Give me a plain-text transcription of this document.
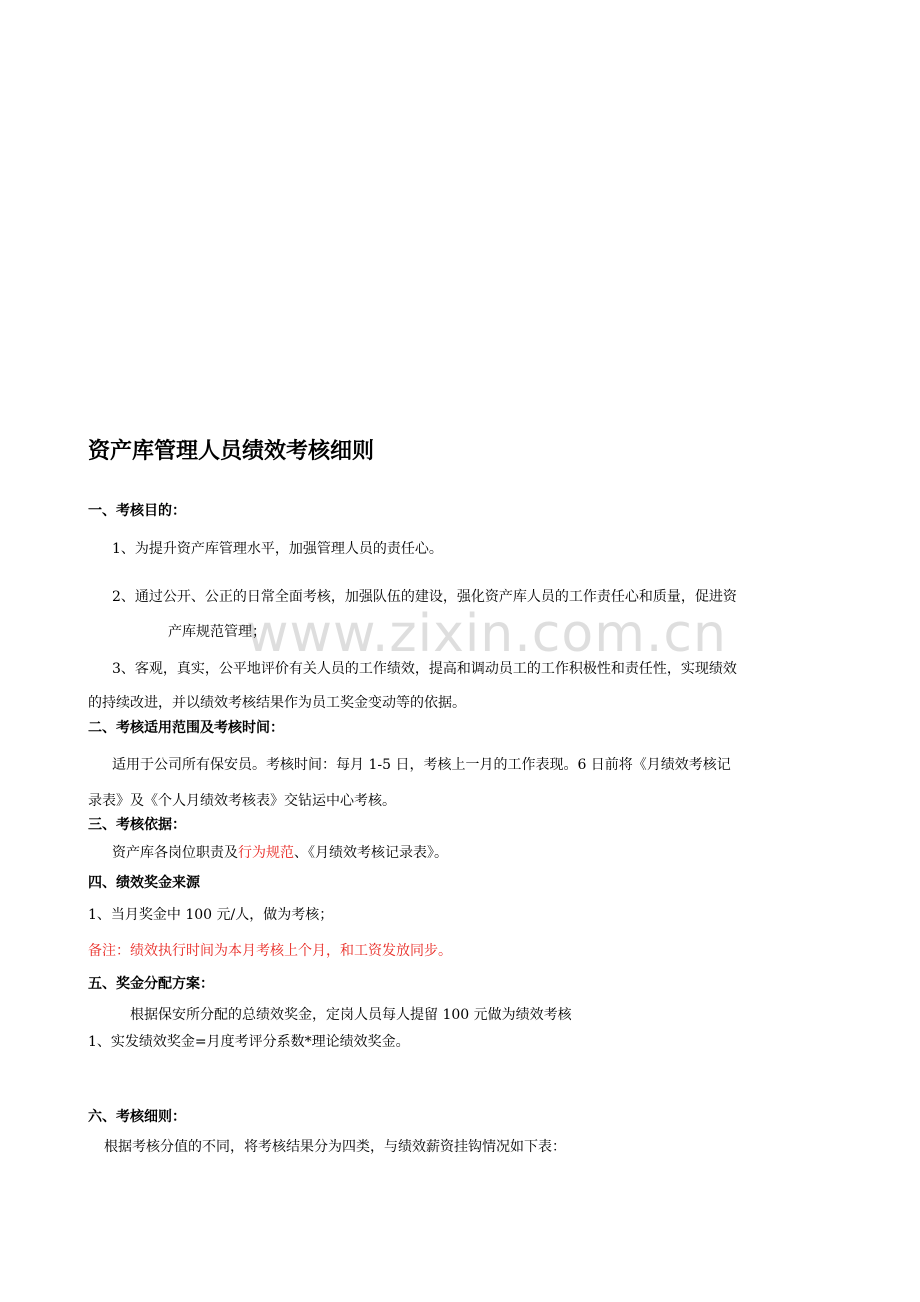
www.zixin.com.cn
资产库管理人员绩效考核细则
一、考核目的：
1、为提升资产库管理水平，加强管理人员的责任心。
2、通过公开、公正的日常全面考核，加强队伍的建设，强化资产库人员的工作责任心和质量，促进资
产库规范管理；
3、客观，真实，公平地评价有关人员的工作绩效，提高和调动员工的工作积极性和责任性，实现绩效
的持续改进，并以绩效考核结果作为员工奖金变动等的依据。
二、考核适用范围及考核时间：
适用于公司所有保安员。考核时间：每月 1-5 日，考核上一月的工作表现。6 日前将《月绩效考核记
录表》及《个人月绩效考核表》交钻运中心考核。
三、考核依据：
资产库各岗位职责及行为规范、《月绩效考核记录表》。
四、绩效奖金来源
1、当月奖金中 100 元/人，做为考核；
备注：绩效执行时间为本月考核上个月，和工资发放同步。
五、奖金分配方案：
根据保安所分配的总绩效奖金，定岗人员每人提留 100 元做为绩效考核
1、实发绩效奖金=月度考评分系数*理论绩效奖金。
六、考核细则：
根据考核分值的不同，将考核结果分为四类，与绩效薪资挂钩情况如下表：
